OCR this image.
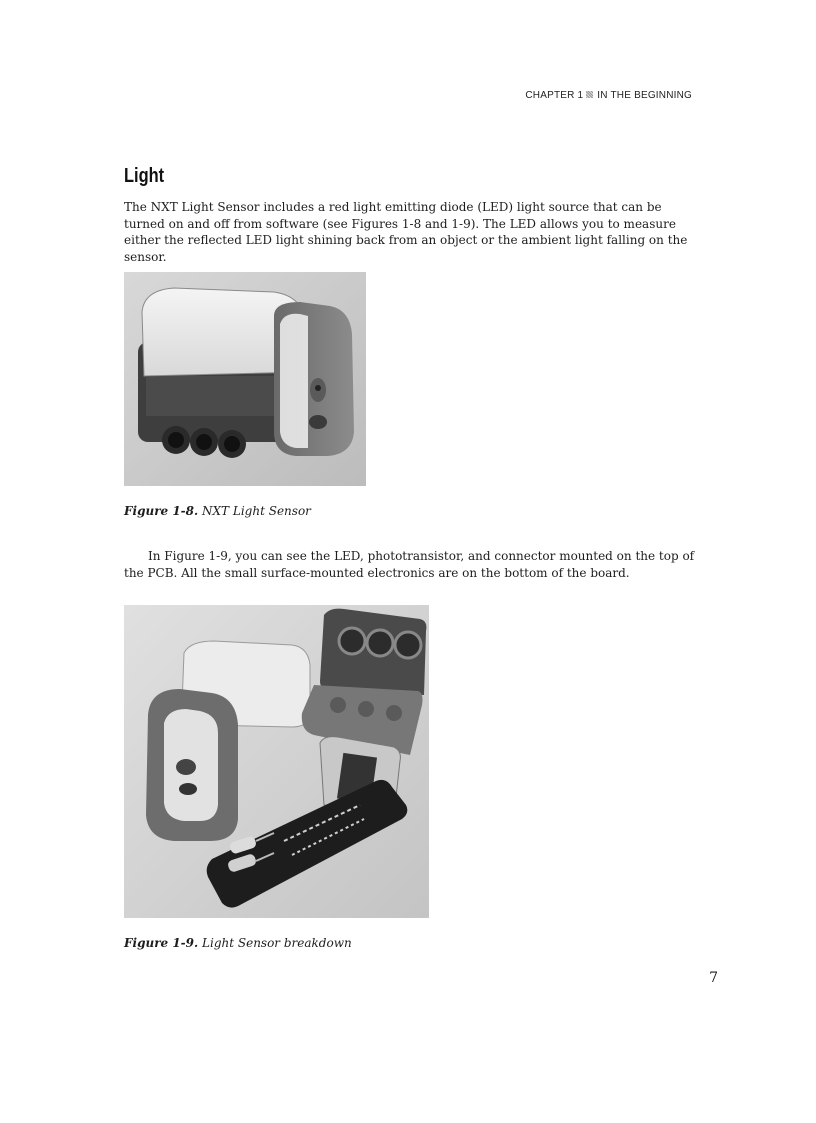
CHAPTER 1 IN THE BEGINNING
Light

The NXT Light Sensor includes a red light emitting diode (LED) light source that can be turned on and off from software (see Figures 1-8 and 1-9). The LED allows you to measure either the reflected LED light shining back from an object or the ambient light falling on the sensor.

Figure 1-8. NXT Light Sensor

In Figure 1-9, you can see the LED, phototransistor, and connector mounted on the top of the PCB. All the small surface-mounted electronics are on the bottom of the board.

Figure 1-9. Light Sensor breakdown

7
